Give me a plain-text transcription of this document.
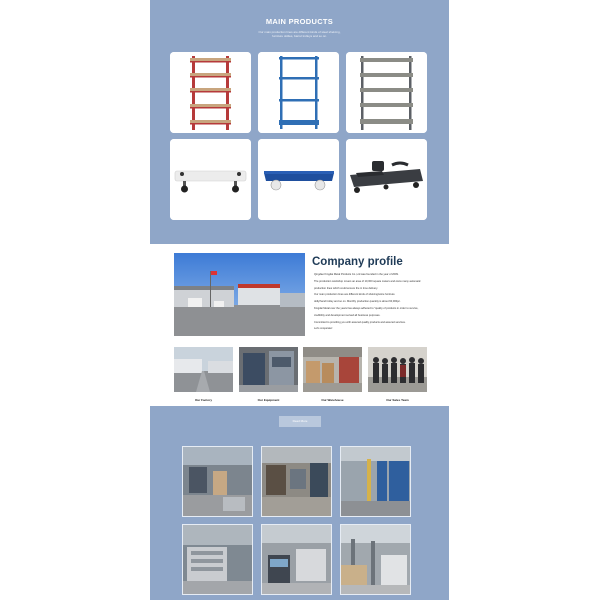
MAIN PRODUCTS
Our main production lines are different kinds of steel shelving,
furniture dollies, barrel trolleys and so on.
Company profile
Qingdao Kingdai Metal Products Co.,Ltd was founded in the year of 2009.
The production workshop covers an area of 10,000 square meters and owns many automatic
production lines which could ensure the in time delivery.
Our main production lines are different kinds of shelving/store furniture
dolly/hand trolley and so on. Monthly production quantity is about 60,000pc.
Kingdai Metal over the years has always adhered to "quality of products in order to survive,
credibility and development served all business purposes.
Committed to providing you with assured quality products and assured services.
Let's cooperate!
Our Factory	Our Equipment	Our Warehouse	Our Sales Team
Read More
